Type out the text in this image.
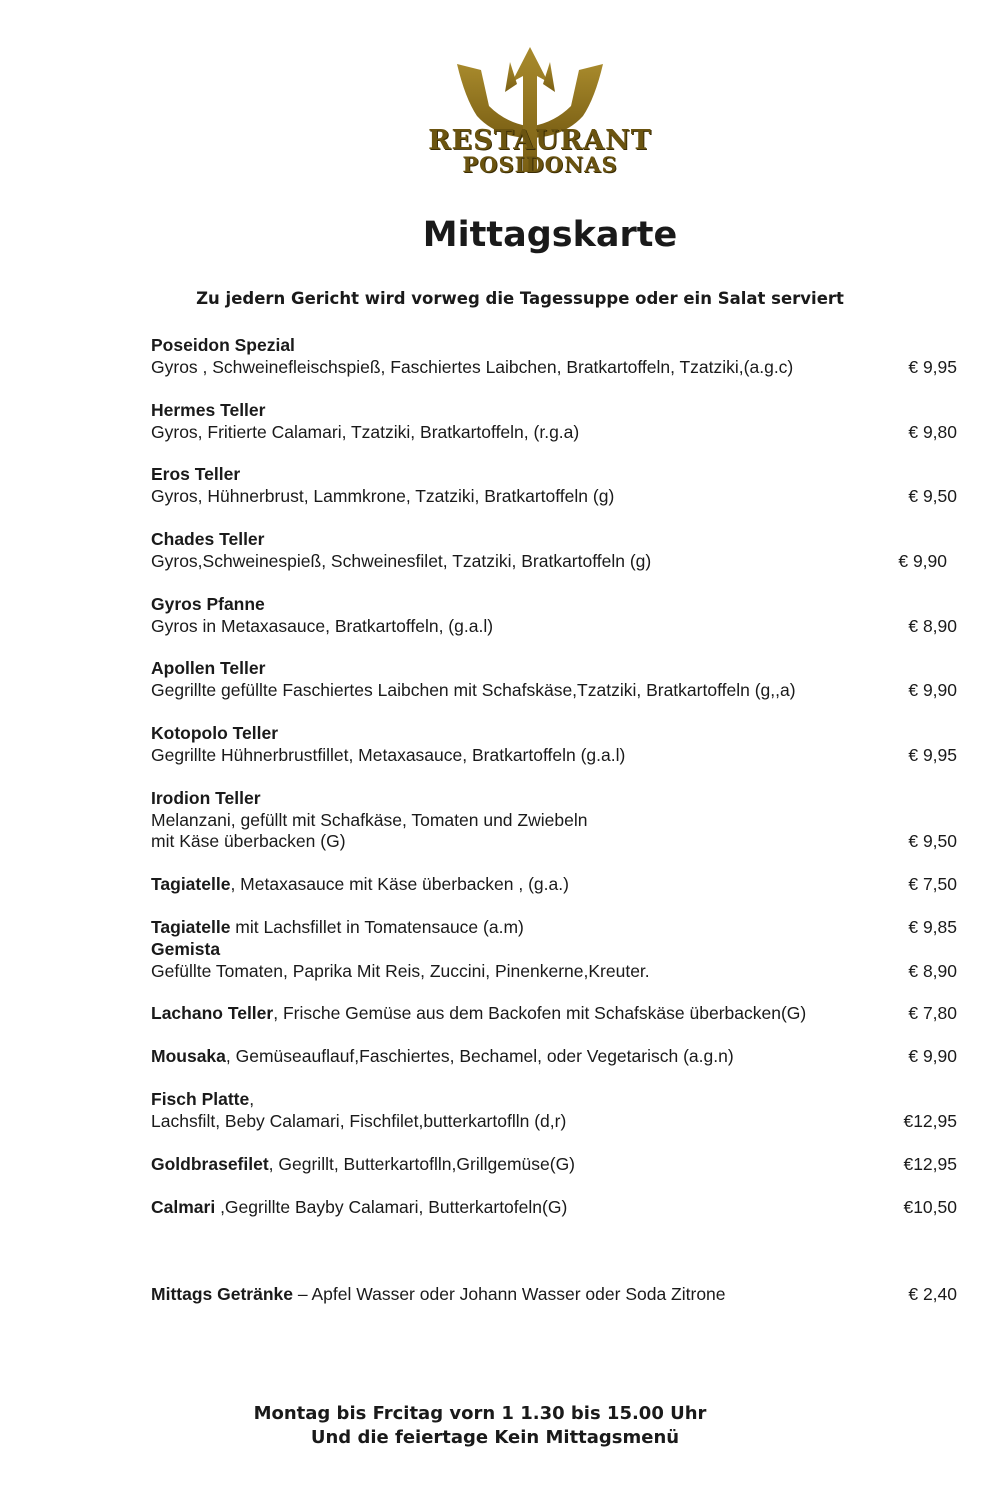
RESTAURANT
POSIDONAS
Mittagskarte
Zu jedern Gericht wird vorweg die Tagessuppe oder ein Salat serviert
Poseidon Spezial
Gyros , Schweinefleischspieß, Faschiertes Laibchen, Bratkartoffeln, Tzatziki,(a.g.c)	€ 9,95
Hermes Teller
Gyros, Fritierte Calamari, Tzatziki, Bratkartoffeln, (r.g.a)	€ 9,80
Eros Teller
Gyros, Hühnerbrust, Lammkrone, Tzatziki, Bratkartoffeln (g)	€ 9,50
Chades Teller
Gyros,Schweinespieß, Schweinesfilet, Tzatziki, Bratkartoffeln (g)	€ 9,90
Gyros Pfanne
Gyros in Metaxasauce, Bratkartoffeln, (g.a.l)	€ 8,90
Apollen Teller
Gegrillte gefüllte Faschiertes Laibchen mit Schafskäse,Tzatziki, Bratkartoffeln (g,,a)	€ 9,90
Kotopolo Teller
Gegrillte Hühnerbrustfillet, Metaxasauce, Bratkartoffeln (g.a.l)	€ 9,95
Irodion Teller
Melanzani, gefüllt mit Schafkäse, Tomaten und Zwiebeln
mit Käse überbacken (G)	€ 9,50
Tagiatelle, Metaxasauce mit Käse überbacken , (g.a.)	€ 7,50
Tagiatelle mit Lachsfillet in Tomatensauce (a.m)	€ 9,85
Gemista
Gefüllte Tomaten, Paprika Mit Reis, Zuccini, Pinenkerne,Kreuter.	€ 8,90
Lachano Teller, Frische Gemüse aus dem Backofen mit Schafskäse überbacken(G)	€ 7,80
Mousaka, Gemüseauflauf,Faschiertes, Bechamel, oder Vegetarisch (a.g.n)	€ 9,90
Fisch Platte,
Lachsfilt, Beby Calamari, Fischfilet,butterkartoflln (d,r)	€12,95
Goldbrasefilet, Gegrillt, Butterkartoflln,Grillgemüse(G)	€12,95
Calmari ,Gegrillte Bayby Calamari, Butterkartofeln(G)	€10,50
Mittags Getränke – Apfel Wasser oder Johann Wasser oder Soda Zitrone	€ 2,40
Montag bis Frcitag vorn 1 1.30 bis 15.00 Uhr
Und die feiertage Kein Mittagsmenü
